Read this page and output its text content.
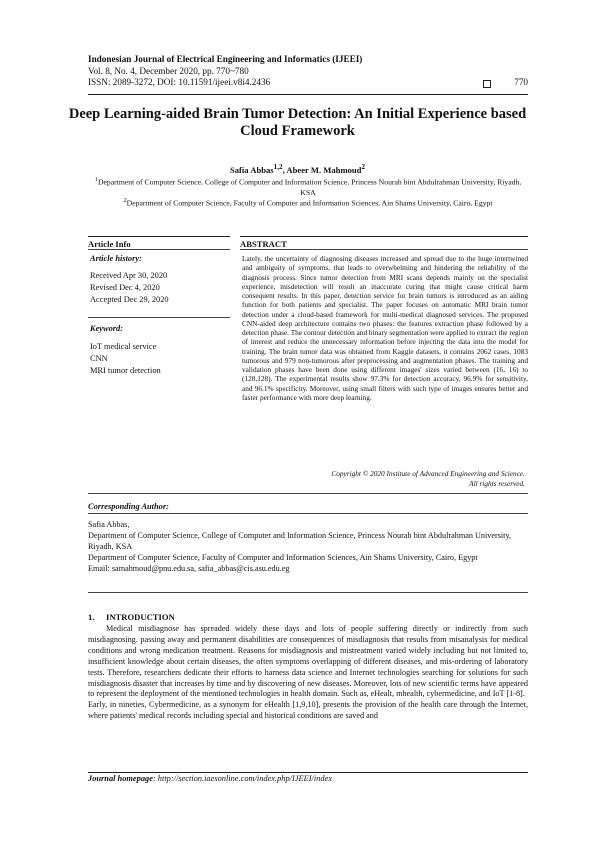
Indonesian Journal of Electrical Engineering and Informatics (IJEEI)
Vol. 8, No. 4, December 2020, pp. 770~780
ISSN: 2089-3272, DOI: 10.11591/ijeei.v8i4.2436	770
Deep Learning-aided Brain Tumor Detection: An Initial Experience based Cloud Framework
Safia Abbas$^{1,2}$, Abeer M. Mahmoud$^2$
$^1$Department of Computer Science, College of Computer and Information Science, Princess Nourah bint Abdulrahman University, Riyadh, KSA
$^2$Department of Computer Science, Faculty of Computer and Information Sciences, Ain Shams University, Cairo, Egypt
Article Info	ABSTRACT
Article history:
Received Apr 30, 2020
Revised Dec 4, 2020
Accepted Dec 29, 2020
Keyword:
IoT medical service
CNN
MRI tumor detection
Lately, the uncertainty of diagnosing diseases increased and spread due to the huge intertwined and ambiguity of symptoms, that leads to overwhelming and hindering the reliability of the diagnosis process. Since tumor detection from MRI scans depends mainly on the specialist experience, misdetection will result an inaccurate curing that might cause critical harm consequent results. In this paper, detection service for brain tumors is introduced as an aiding function for both patients and specialist. The paper focuses on automatic MRI brain tumor detection under a cloud-based framework for multi-medical diagnosed services. The proposed CNN-aided deep architecture contains two phases: the features extraction phase followed by a detection phase. The contour detection and binary segmentation were applied to extract the region of interest and reduce the unnecessary information before injecting the data into the model for training. The brain tumor data was obtained from Kaggle datasets, it contains 2062 cases, 1083 tumorous and 979 non-tumorous after preprocessing and augmentation phases. The training and validation phases have been done using different images' sizes varied between (16, 16) to (128,128). The experimental results show 97.3% for detection accuracy, 96.9% for sensitivity, and 96.1% specificity. Moreover, using small filters with such type of images ensures better and faster performance with more deep learning.
Copyright © 2020 Institute of Advanced Engineering and Science.
All rights reserved.
Corresponding Author:
Safia Abbas,
Department of Computer Science, College of Computer and Information Science, Princess Nourah bint Abdulrahman University, Riyadh, KSA
Department of Computer Science, Faculty of Computer and Information Sciences, Ain Shams University, Cairo, Egypt
Email: samahmoud@pnu.edu.sa, safia_abbas@cis.asu.edu.eg
1. INTRODUCTION

Medical misdiagnose has spreaded widely these days and lots of people suffering directly or indirectly from such misdiagnosing. passing away and permanent disabilities are consequences of misdiagnosis that results from misanalysis for medical conditions and wrong medication treatment. Reasons for misdiagnosis and mistreatment varied widely including but not limited to, insufficient knowledge about certain diseases, the often symptoms overlapping of different diseases, and mis-ordering of laboratory tests. Therefore, researchers dedicate their efforts to harness data science and Internet technologies searching for solutions for such misdiagnosis disaster that increases by time and by discovering of new diseases. Moreover, lots of new scientific terms have appeared to represent the deployment of the mentioned technologies in health domain. Such as, eHealt, mhealth, cybermedicine, and IoT [1-8].

Early, in nineties, Cybermedicine, as a synonym for eHealth [1,9,10], presents the provision of the health care through the Internet, where patients' medical records including special and historical conditions are saved and

Journal homepage: http://section.iaesonline.com/index.php/IJEEI/index
